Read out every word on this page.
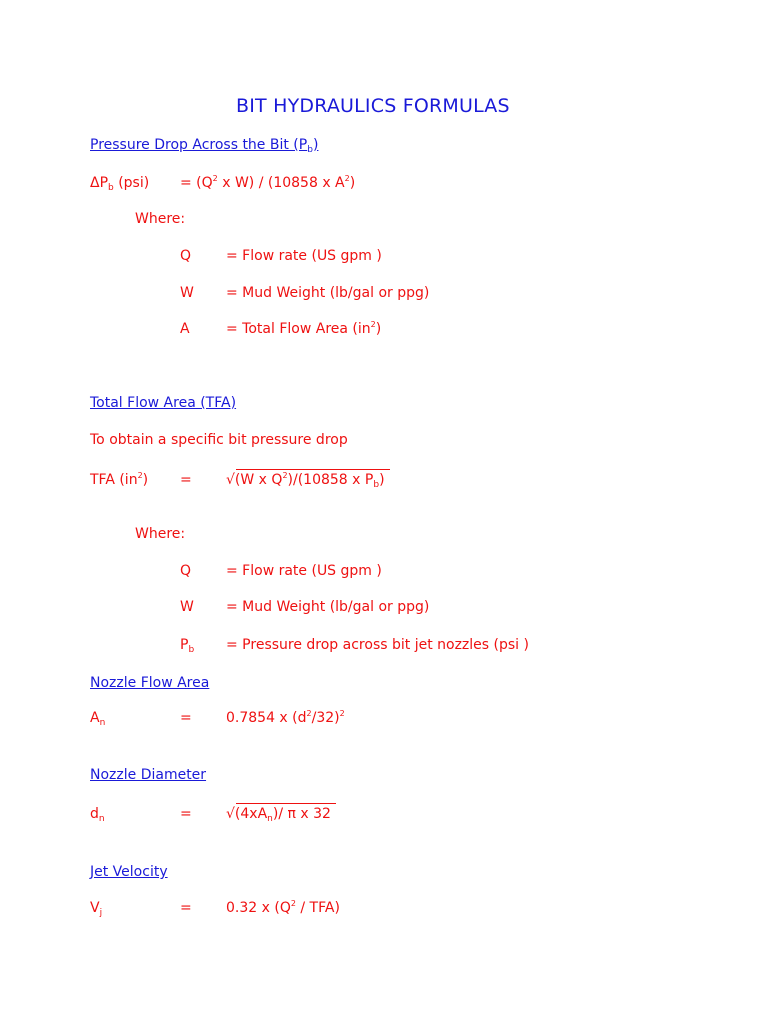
BIT HYDRAULICS FORMULAS
Pressure Drop Across the Bit $(P_b)$
$\Delta P_b$ $(psi) = (Q^2$ x W) / (10858 x $A^2$)
Where:
Q = Flow rate (US gpm )
W = Mud Weight (lb/gal or ppg)
A	= Total Flow Area $(in^2)$
Total Flow Area (TFA)
To obtain a specific bit pressure drop
TFA $(in^2) = √(W$ x $Q^2)/(10858$ x $P_b$)
Where:
Q = Flow rate (US gpm )
W = Mud Weight (lb/gal or ppg)
$P_b$ = Pressure drop across bit jet nozzles (psi )
Nozzle Flow Area
$A_n$	= 0.7854 x $(d^2/32)^2$
Nozzle Diameter
$d_n$	= $√(4xA_n)/$ π x 32
Jet Velocity
$V_j$	= 0.32 x $(Q^2 / TFA)$
